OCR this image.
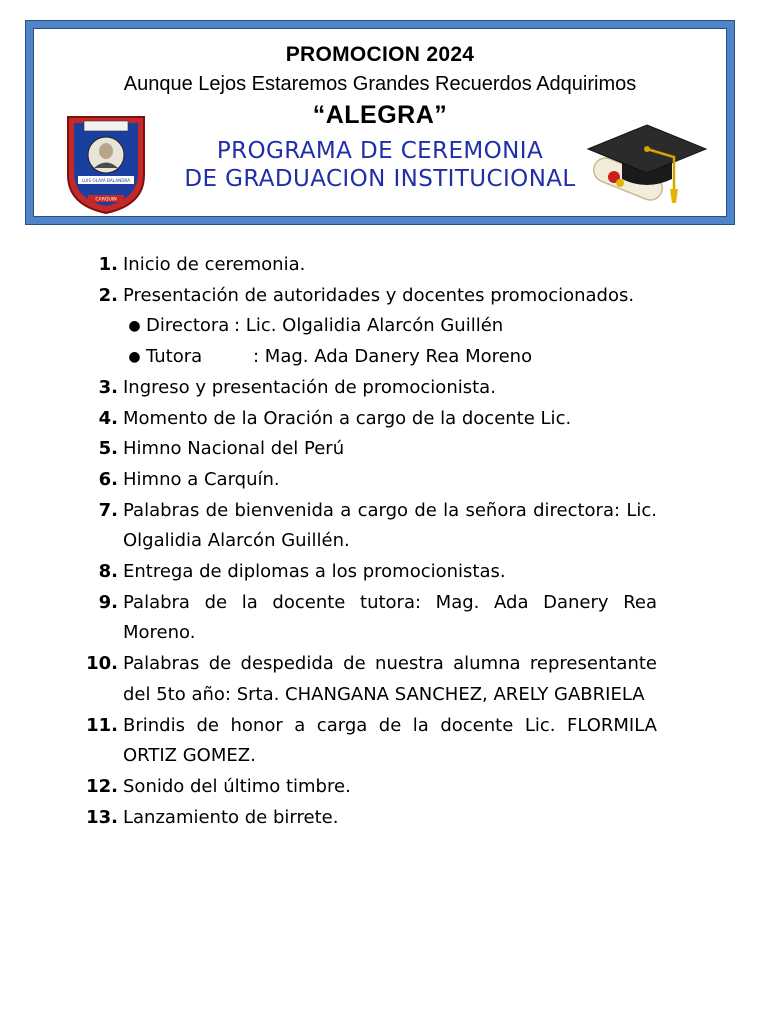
PROMOCION 2024
Aunque Lejos Estaremos Grandes Recuerdos Adquirimos
“ALEGRA”
PROGRAMA DE CEREMONIA
DE GRADUACION INSTITUCIONAL
LUIS OLAYA BALANDRA
CARQUIN
1. Inicio de ceremonia.
2. Presentación de autoridades y docentes promocionados.
● Directora : Lic. Olgalidia Alarcón Guillén
● Tutora	: Mag. Ada Danery Rea Moreno
3. Ingreso y presentación de promocionista.
4. Momento de la Oración a cargo de la docente Lic.
5. Himno Nacional del Perú
6. Himno a Carquín.
7. Palabras de bienvenida a cargo de la señora directora: Lic. Olgalidia Alarcón Guillén.
8. Entrega de diplomas a los promocionistas.
9. Palabra de la docente tutora: Mag. Ada Danery Rea Moreno.
10. Palabras de despedida de nuestra alumna representante del 5to año: Srta. CHANGANA SANCHEZ, ARELY GABRIELA
11. Brindis de honor a carga de la docente Lic. FLORMILA ORTIZ GOMEZ.
12. Sonido del último timbre.
13. Lanzamiento de birrete.
